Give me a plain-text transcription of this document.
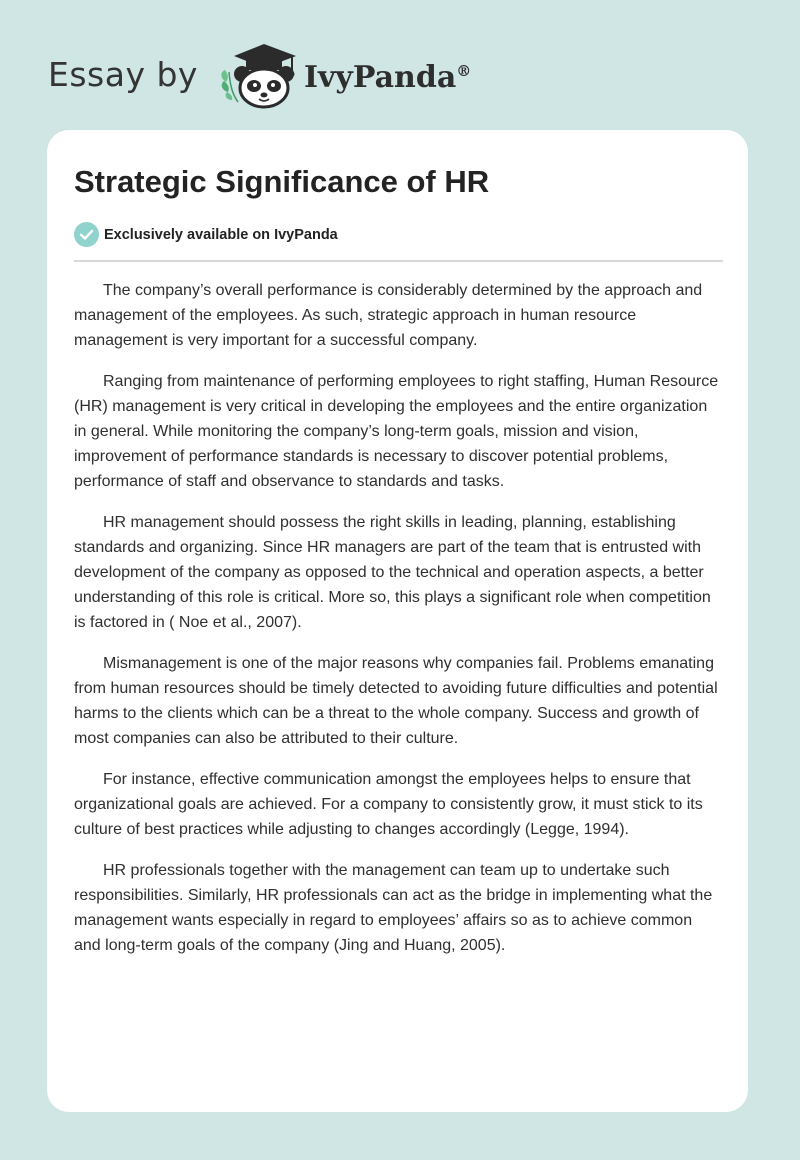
Essay by	IvyPanda®
Strategic Significance of HR
Exclusively available on IvyPanda

The company’s overall performance is considerably determined by the approach and management of the employees. As such, strategic approach in human resource management is very important for a successful company.

Ranging from maintenance of performing employees to right staffing, Human Resource (HR) management is very critical in developing the employees and the entire organization in general. While monitoring the company’s long-term goals, mission and vision, improvement of performance standards is necessary to discover potential problems, performance of staff and observance to standards and tasks.

HR management should possess the right skills in leading, planning, establishing standards and organizing. Since HR managers are part of the team that is entrusted with development of the company as opposed to the technical and operation aspects, a better understanding of this role is critical. More so, this plays a significant role when competition is factored in ( Noe et al., 2007).

Mismanagement is one of the major reasons why companies fail. Problems emanating from human resources should be timely detected to avoiding future difficulties and potential harms to the clients which can be a threat to the whole company. Success and growth of most companies can also be attributed to their culture.

For instance, effective communication amongst the employees helps to ensure that organizational goals are achieved. For a company to consistently grow, it must stick to its culture of best practices while adjusting to changes accordingly (Legge, 1994).

HR professionals together with the management can team up to undertake such responsibilities. Similarly, HR professionals can act as the bridge in implementing what the management wants especially in regard to employees’ affairs so as to achieve common and long-term goals of the company (Jing and Huang, 2005).
